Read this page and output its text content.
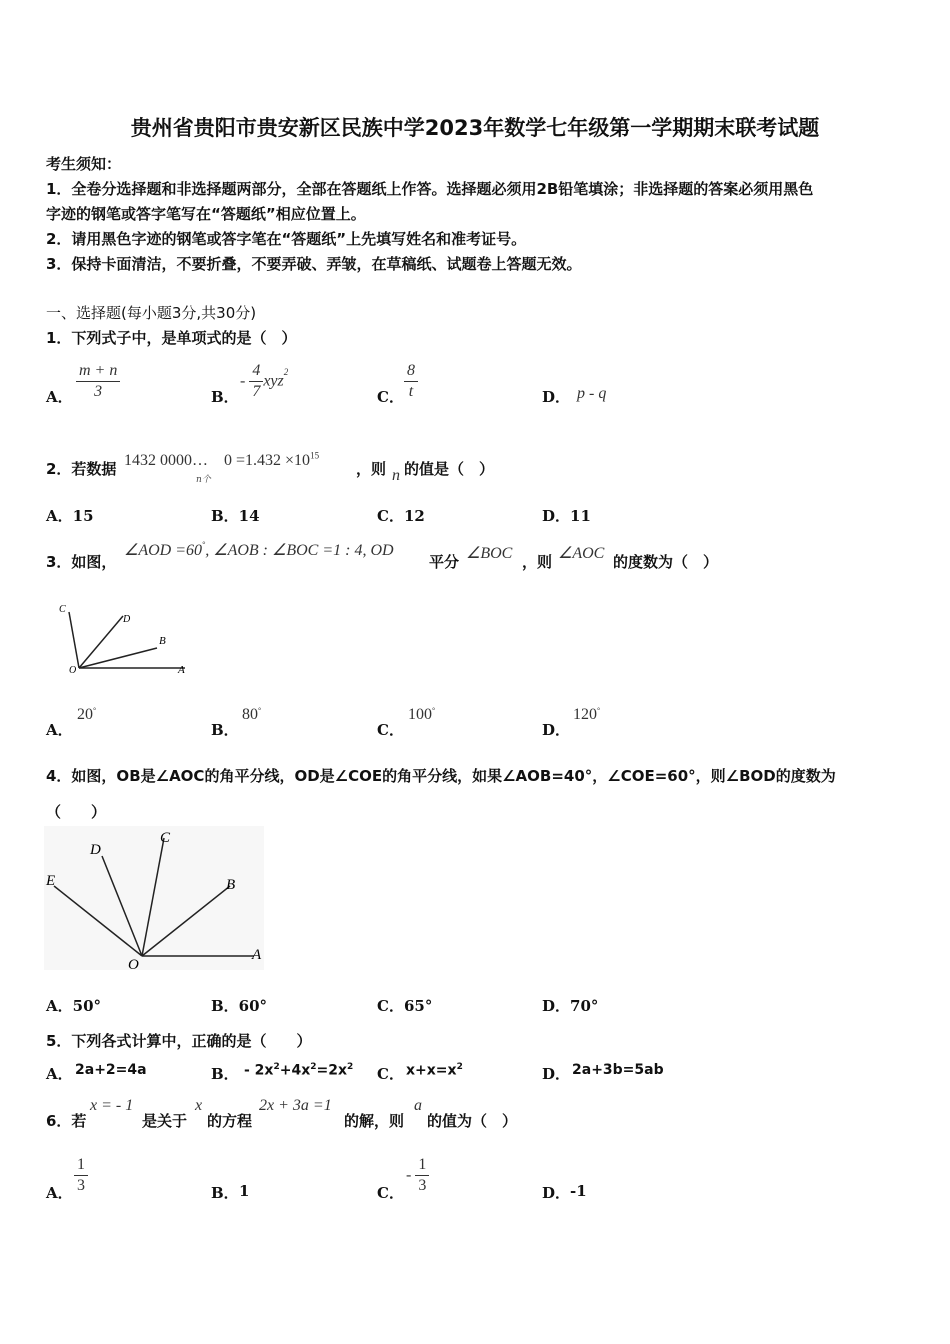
贵州省贵阳市贵安新区民族中学2023年数学七年级第一学期期末联考试题
考生须知：
1．全卷分选择题和非选择题两部分，全部在答题纸上作答。选择题必须用2B铅笔填涂；非选择题的答案必须用黑色
字迹的钢笔或答字笔写在“答题纸”相应位置上。
2．请用黑色字迹的钢笔或答字笔在“答题纸”上先填写姓名和准考证号。
3．保持卡面清洁，不要折叠，不要弄破、弄皱，在草稿纸、试题卷上答题无效。
一、选择题(每小题3分,共30分)
1．下列式子中，是单项式的是（　）
A． $\frac{m + n}{3}$	B．
- $\frac{4}{7} xyz^2$
C． $\frac{8}{t}$	D． p - q
2．若数据 1432 0000…　$0 =1.432 \times 10^{15}$
n个
，则 n 的值是（　）
A．15	B．14	C．12	D．11
3．如图，
∠AOD =60°, ∠AOB : ∠BOC =1 : 4, OD
平分 ∠BOC ，则 ∠AOC 的度数为（　）
C
D
B
O	A
A．
20°
B．
80°
C．
100°
D．
120°
4．如图，OB是∠AOC的角平分线，OD是∠COE的角平分线，如果∠AOB=40°，∠COE=60°，则∠BOD的度数为
（　　）
D
C
E	B
O
A
A．50°	B．60°	C．65°	D．70°
5．下列各式计算中，正确的是（　　）
A． 2a+2=4a	B． - $2x^2+4x^2=2x^2$ C． $x+x=x^2$	D． 2a+3b=5ab
6．若
x = - 1
是关于
x
的方程
2x + 3a =1
的解，则
a
的值为（　）
A． $\frac{1}{3}$	B． 1	C．
- $\frac{1}{3}$	D． -1
